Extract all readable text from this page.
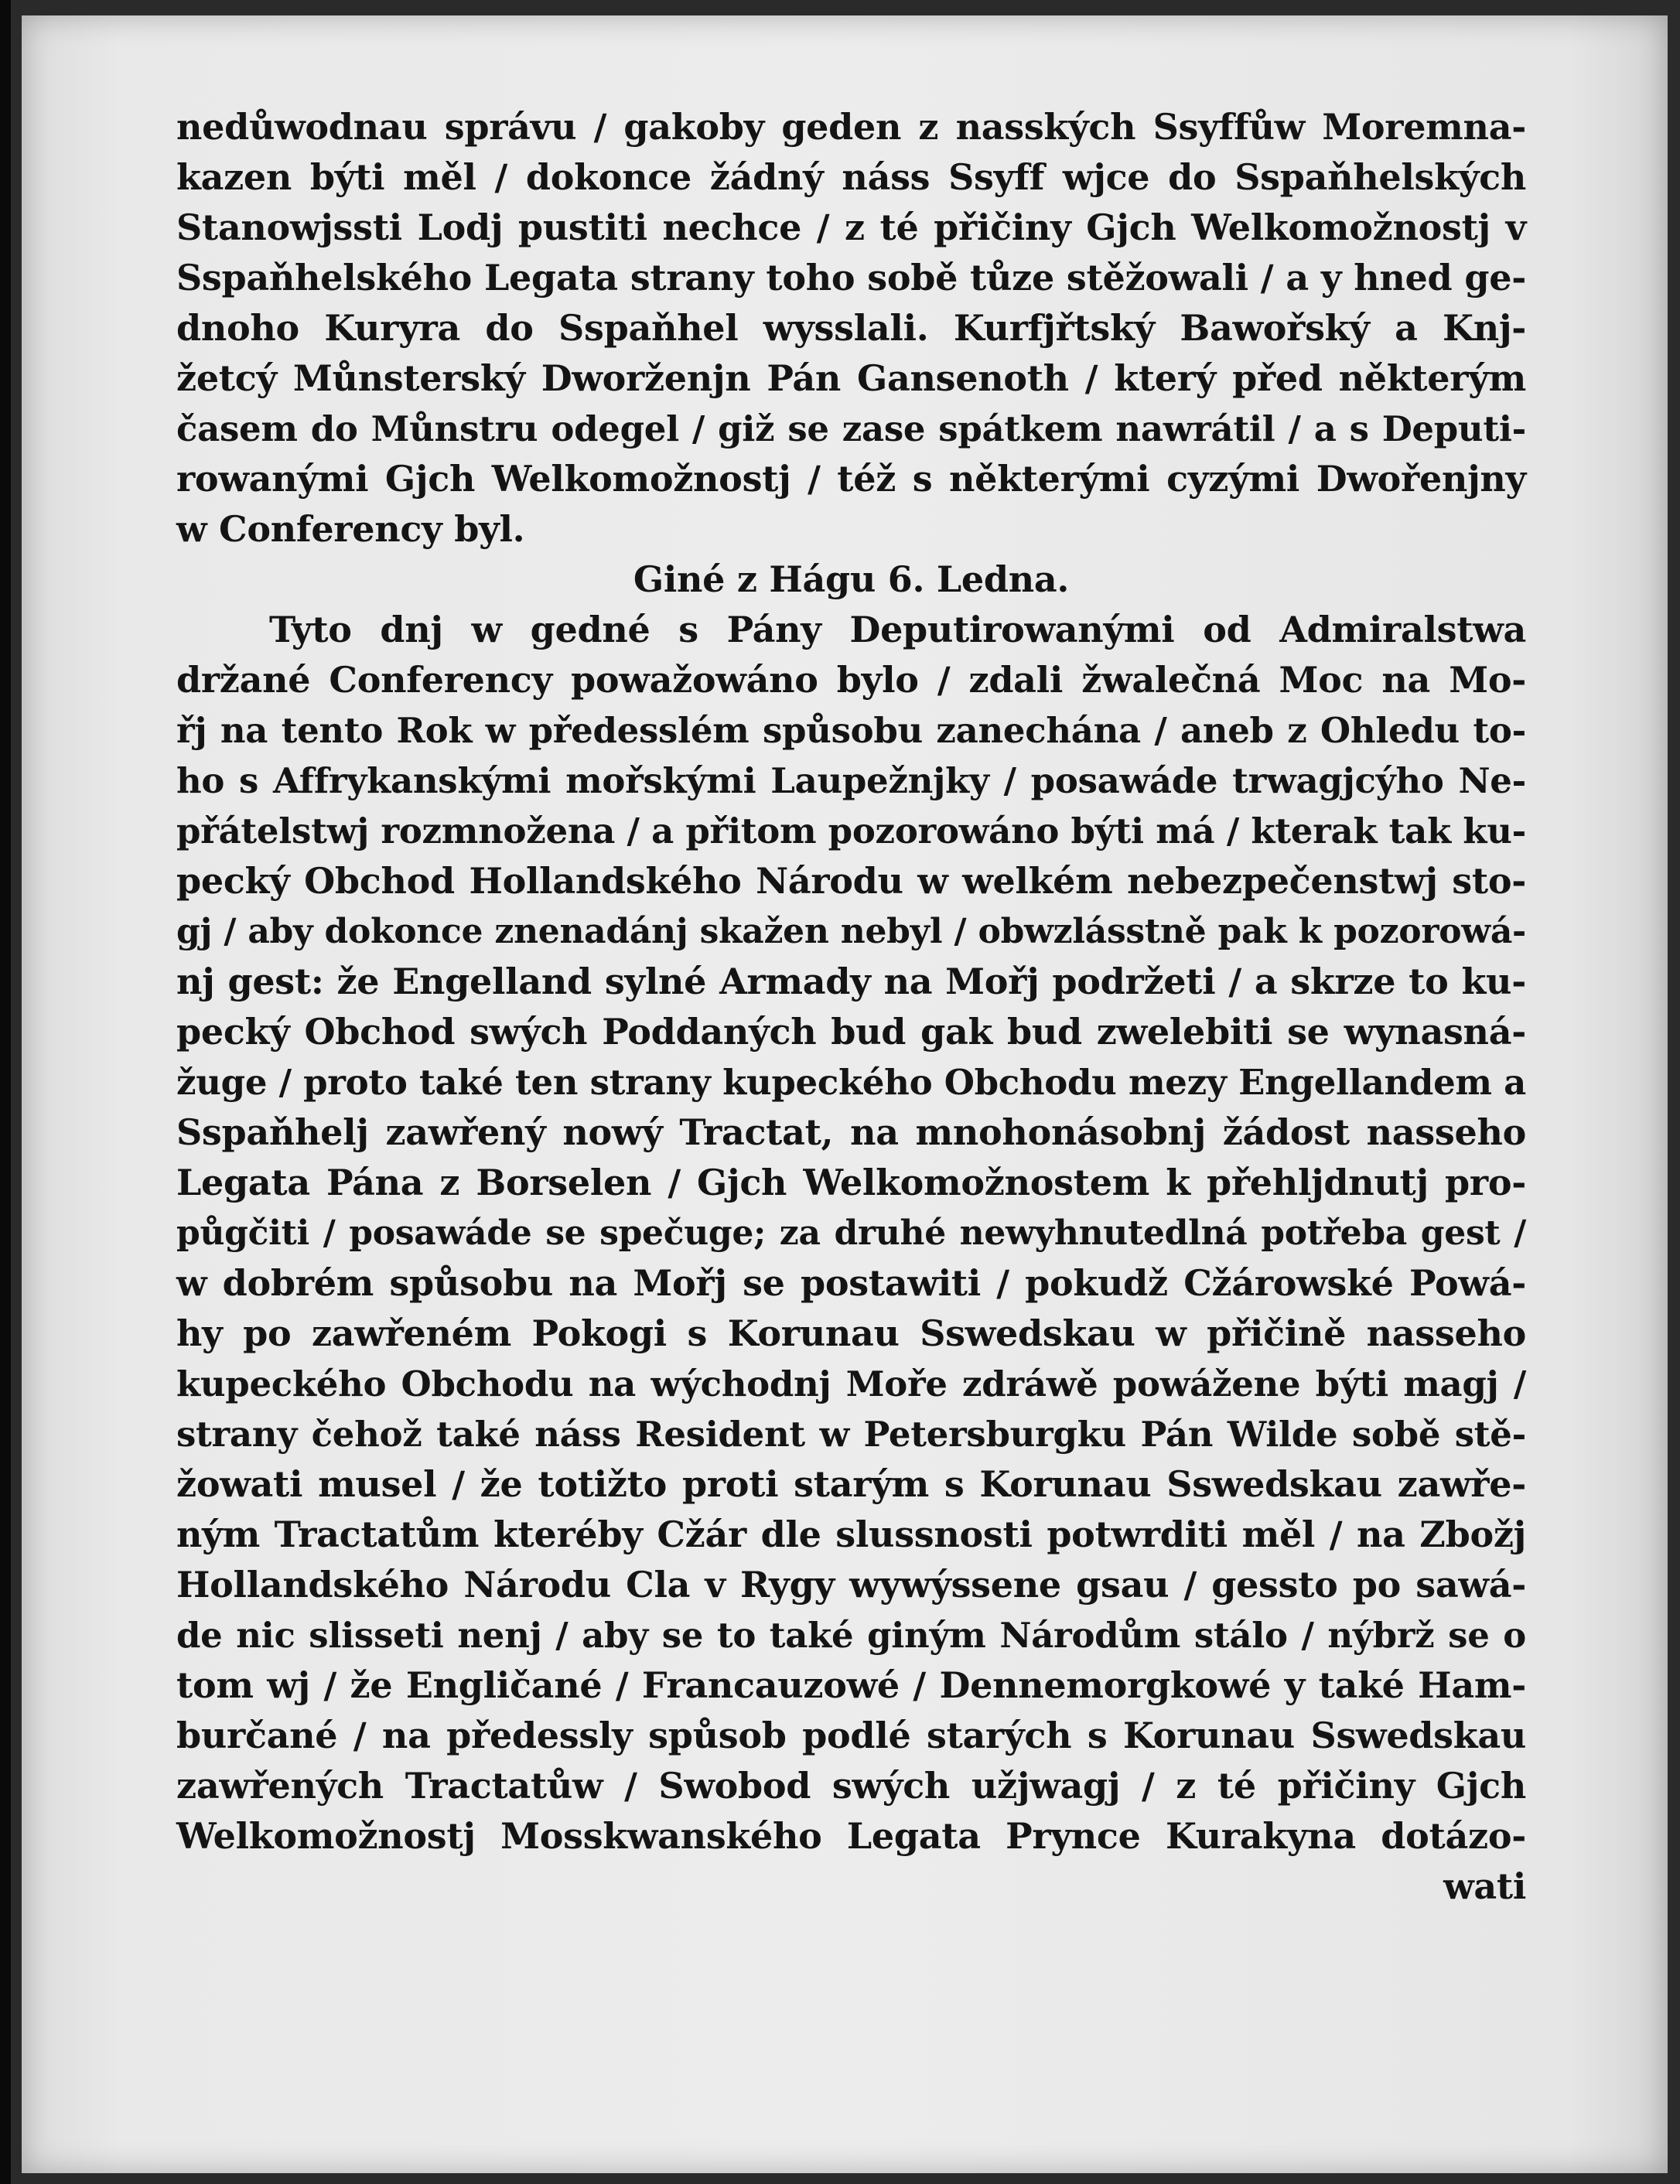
nedůwodnau správu / gakoby geden z nasských Ssyffůw Moremna-
kazen býti měl / dokonce žádný náss Ssyff wjce do Sspaňhelských
Stanowjssti Lodj pustiti nechce / z té přičiny Gjch Welkomožnostj v
Sspaňhelského Legata strany toho sobě tůze stěžowali / a y hned ge-
dnoho Kuryra do Sspaňhel wysslali. Kurfjřtský Bawořský a Knj-
žetcý Můnsterský Dworženjn Pán Gansenoth / který před některým
časem do Můnstru odegel / giž se zase spátkem nawrátil / a s Deputi-
rowanými Gjch Welkomožnostj / též s některými cyzými Dwořenjny
w Conferency byl.
Giné z Hágu 6. Ledna.
Tyto dnj w gedné s Pány Deputirowanými od Admiralstwa
držané Conferency powažowáno bylo / zdali žwalečná Moc na Mo-
řj na tento Rok w předesslém spůsobu zanechána / aneb z Ohledu to-
ho s Affrykanskými mořskými Laupežnjky / posawáde trwagjcýho Ne-
přátelstwj rozmnožena / a přitom pozorowáno býti má / kterak tak ku-
pecký Obchod Hollandského Národu w welkém nebezpečenstwj sto-
gj / aby dokonce znenadánj skažen nebyl / obwzlásstně pak k pozorowá-
nj gest: že Engelland sylné Armady na Mořj podržeti / a skrze to ku-
pecký Obchod swých Poddaných bud gak bud zwelebiti se wynasná-
žuge / proto také ten strany kupeckého Obchodu mezy Engellandem a
Sspaňhelj zawřený nowý Tractat, na mnohonásobnj žádost nasseho
Legata Pána z Borselen / Gjch Welkomožnostem k přehljdnutj pro-
půgčiti / posawáde se spečuge; za druhé newyhnutedlná potřeba gest /
w dobrém spůsobu na Mořj se postawiti / pokudž Cžárowské Powá-
hy po zawřeném Pokogi s Korunau Sswedskau w přičině nasseho
kupeckého Obchodu na wýchodnj Moře zdráwě powážene býti magj /
strany čehož také náss Resident w Petersburgku Pán Wilde sobě stě-
žowati musel / že totižto proti starým s Korunau Sswedskau zawře-
ným Tractatům kteréby Cžár dle slussnosti potwrditi měl / na Zbožj
Hollandského Národu Cla v Rygy wywýssene gsau / gessto po sawá-
de nic slisseti nenj / aby se to také giným Národům stálo / nýbrž se o
tom wj / že Engličané / Francauzowé / Dennemorgkowé y také Ham-
burčané / na předessly spůsob podlé starých s Korunau Sswedskau
zawřených Tractatůw / Swobod swých užjwagj / z té přičiny Gjch
Welkomožnostj Mosskwanského Legata Pryncе Kurakyna dotázo-
wati
